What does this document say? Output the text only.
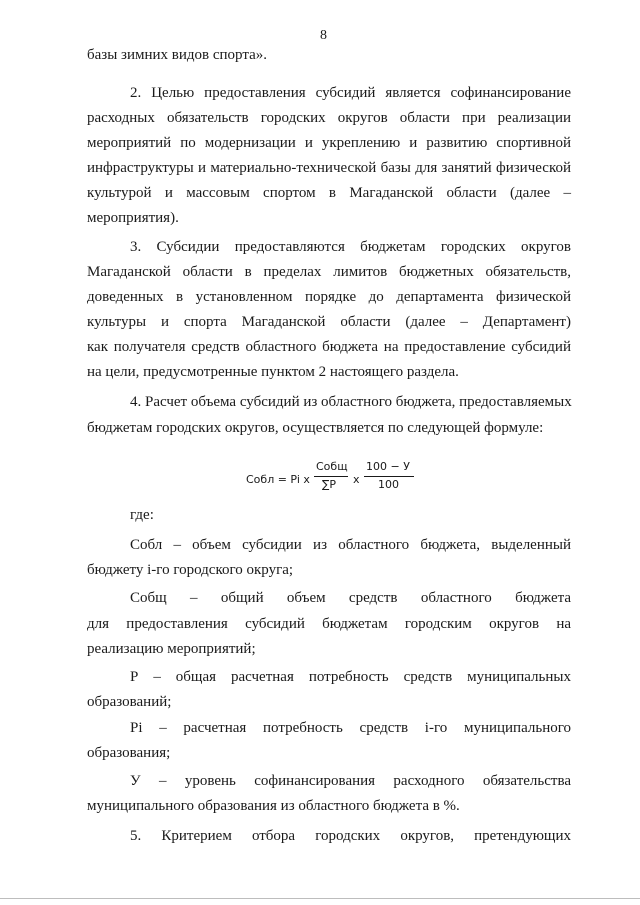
8
базы зимних видов спорта».
2. Целью предоставления субсидий является софинансирование
расходных обязательств городских округов области при реализации
мероприятий по модернизации и укреплению и развитию спортивной
инфраструктуры и материально-технической базы для занятий физической
культурой и массовым спортом в Магаданской области (далее –
мероприятия).
3. Субсидии предоставляются бюджетам городских округов
Магаданской области в пределах лимитов бюджетных обязательств,
доведенных в установленном порядке до департамента физической
культуры и спорта Магаданской области (далее – Департамент)
как получателя средств областного бюджета на предоставление субсидий
на цели, предусмотренные пунктом 2 настоящего раздела.
4. Расчет объема субсидий из областного бюджета, предоставляемых
бюджетам городских округов, осуществляется по следующей формуле:
Собл = Pi x
Собщ
∑P x
100 − У
100
где:
Собл – объем субсидии из областного бюджета, выделенный
бюджету i-го городского округа;
Собщ – общий объем средств областного бюджета
для предоставления субсидий бюджетам городским округов на
реализацию мероприятий;
Р – общая расчетная потребность средств муниципальных
образований;
Pi – расчетная потребность средств i-го муниципального
образования;
У – уровень софинансирования расходного обязательства
муниципального образования из областного бюджета в %.
5. Критерием отбора городских округов, претендующих
